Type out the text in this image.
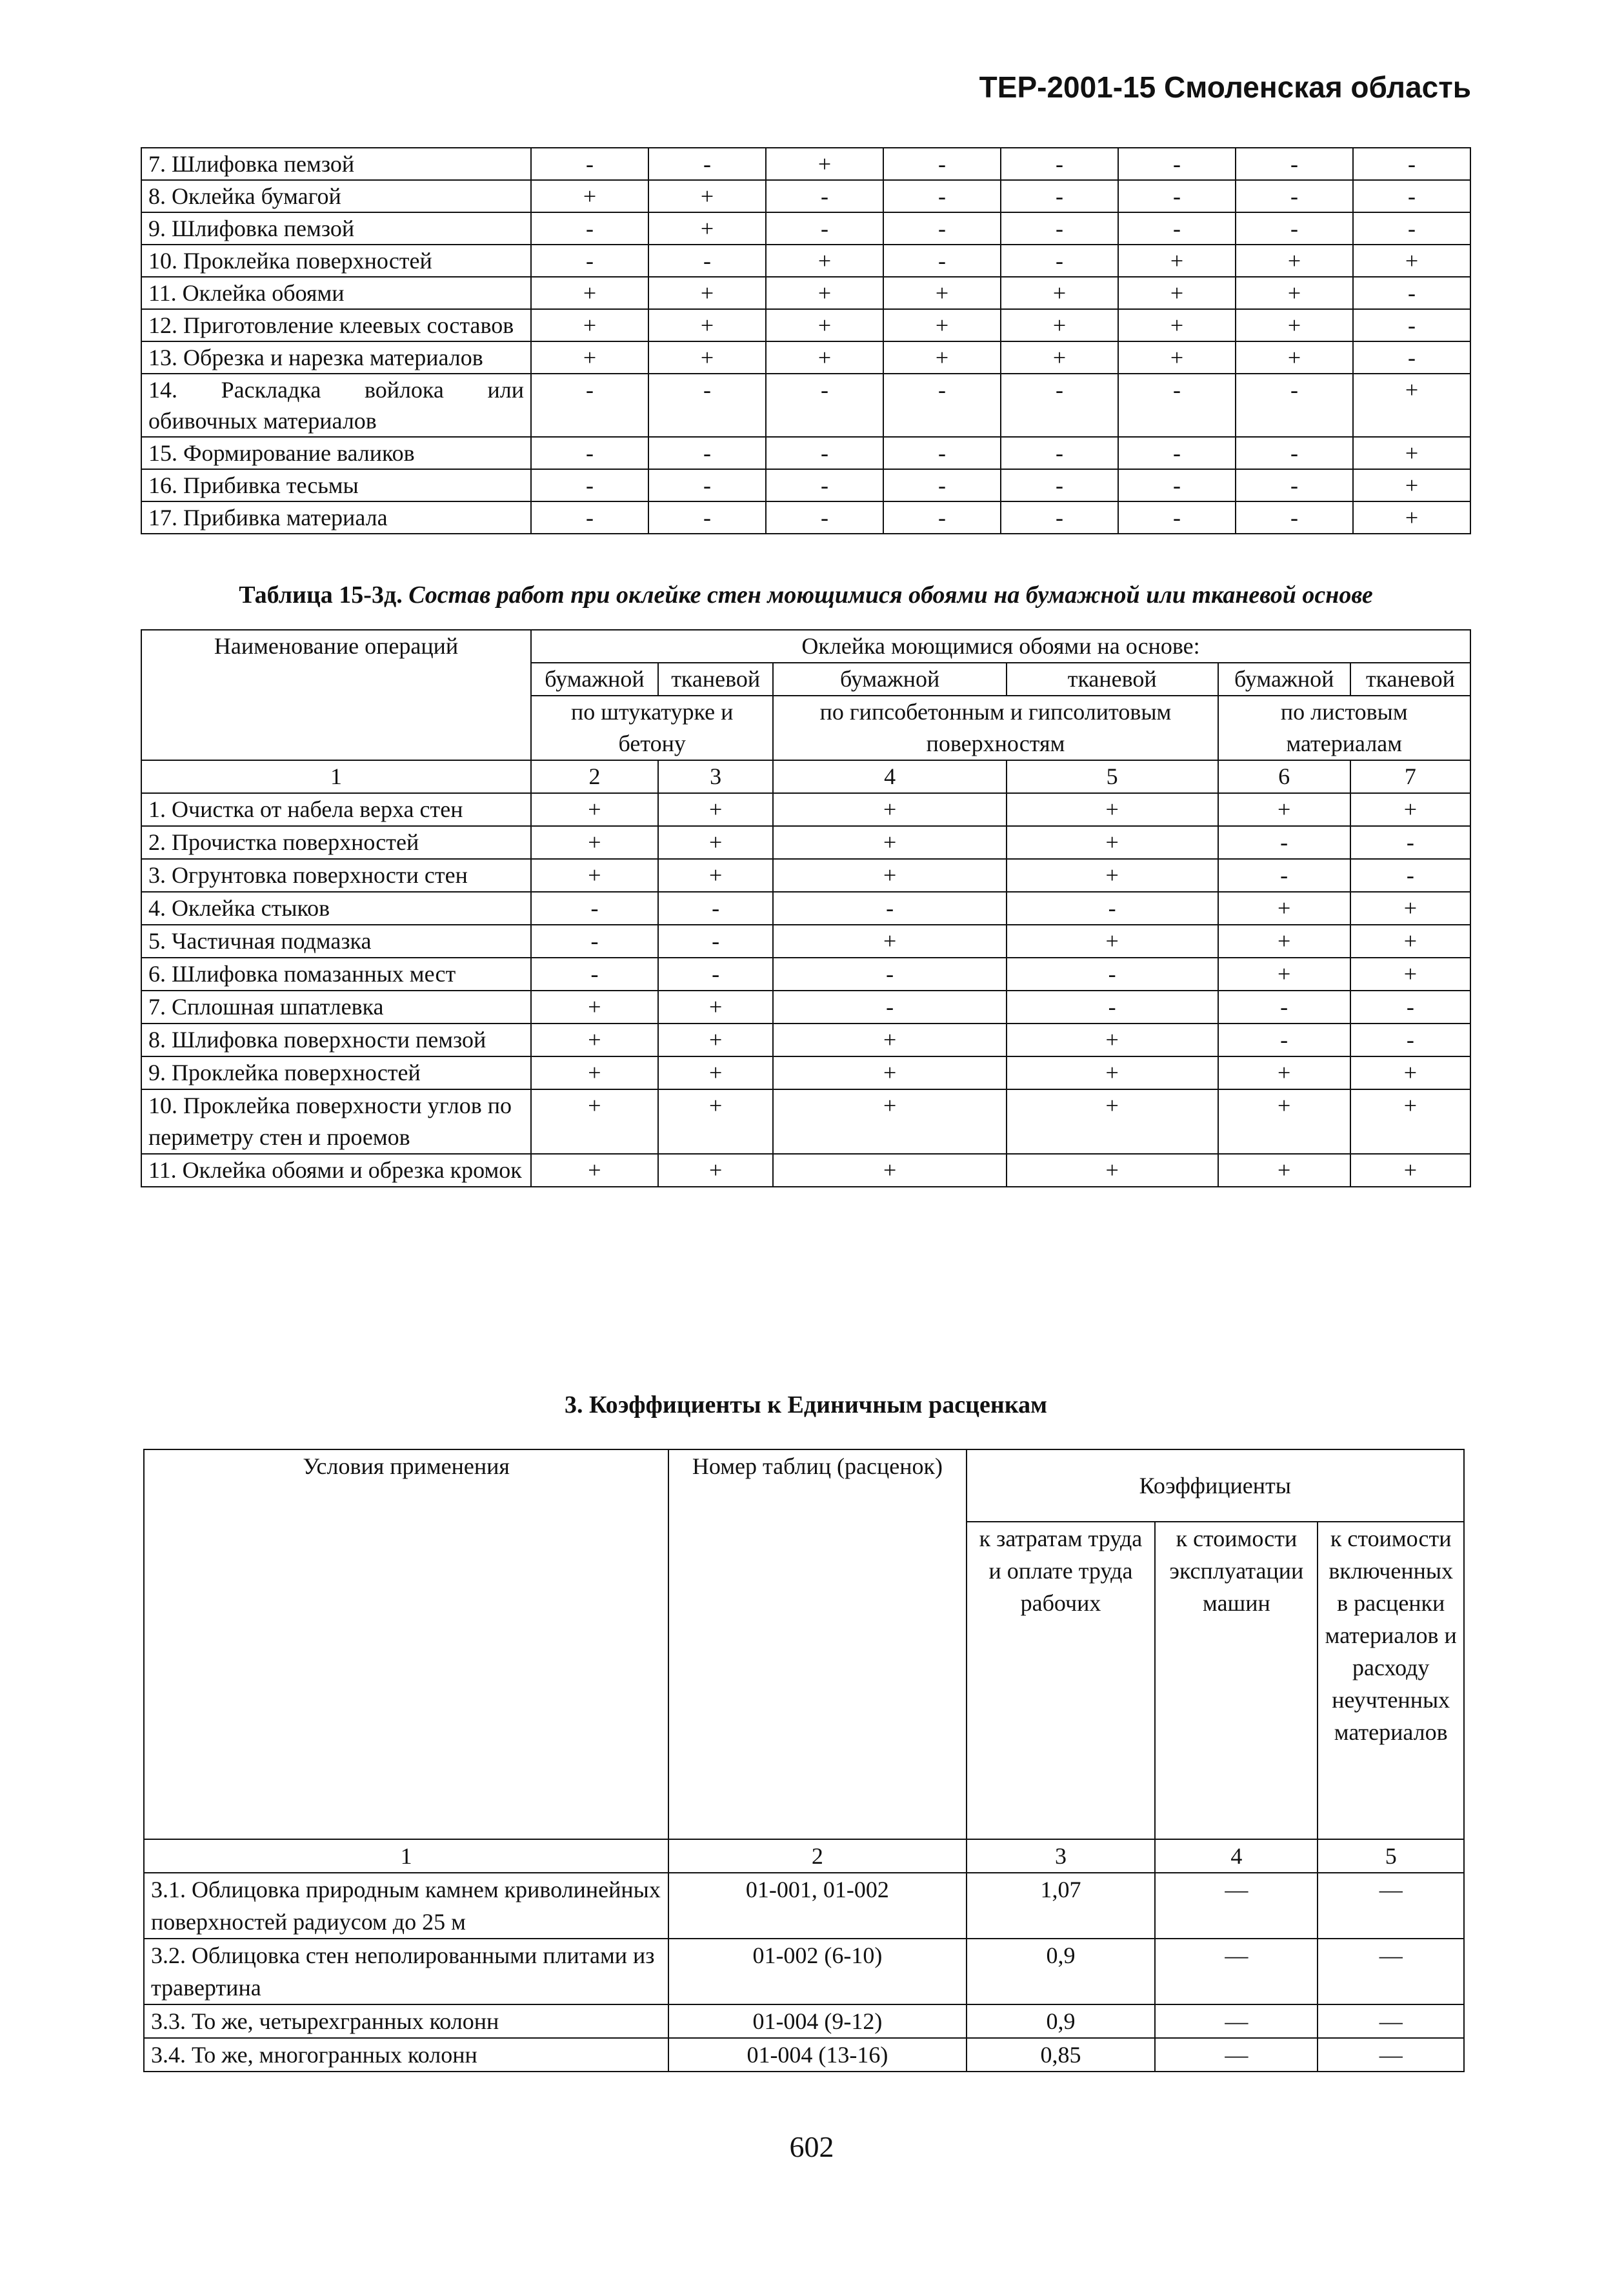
ТЕР-2001-15 Смоленская область
7. Шлифовка пемзой	-	-	+	-	-	-	-	-
8. Оклейка бумагой	+	+	-	-	-	-	-	-
9. Шлифовка пемзой	-	+	-	-	-	-	-	-
10. Проклейка поверхностей	-	-	+	-	-	+	+	+
11. Оклейка обоями	+	+	+	+	+	+	+	-
12. Приготовление клеевых составов	+	+	+	+	+	+	+	-
13. Обрезка и нарезка материалов	+	+	+	+	+	+	+	-
14. Раскладка войлока или обивочных материалов	-	-	-	-	-	-	-	+
15. Формирование валиков	-	-	-	-	-	-	-	+
16. Прибивка тесьмы	-	-	-	-	-	-	-	+
17. Прибивка материала	-	-	-	-	-	-	-	+
Таблица 15-3д. Состав работ при оклейке стен моющимися обоями на бумажной или тканевой основе
Наименование операций	Оклейка моющимися обоями на основе:					
	бумажной	тканевой	бумажной	тканевой	бумажной	тканевой
	по штукатурке и бетону		по гипсобетонным и гипсолитовым поверхностям		по листовым материалам	
1	2	3	4	5	6	7
1. Очистка от набела верха стен	+	+	+	+	+	+
2. Прочистка поверхностей	+	+	+	+	-	-
3. Огрунтовка поверхности стен	+	+	+	+	-	-
4. Оклейка стыков	-	-	-	-	+	+
5. Частичная подмазка	-	-	+	+	+	+
6. Шлифовка помазанных мест	-	-	-	-	+	+
7. Сплошная шпатлевка	+	+	-	-	-	-
8. Шлифовка поверхности пемзой	+	+	+	+	-	-
9. Проклейка поверхностей	+	+	+	+	+	+
10. Проклейка поверхности углов по периметру стен и проемов	+	+	+	+	+	+
11. Оклейка обоями и обрезка кромок	+	+	+	+	+	+
3. Коэффициенты к Единичным расценкам
Условия применения	Номер таблиц (расценок)	Коэффициенты		
		к затратам труда и оплате труда рабочих	к стоимости эксплуатации машин	к стоимости включенных в расценки материалов и расходу неучтенных материалов
1	2	3	4	5
3.1. Облицовка природным камнем криволинейных поверхностей радиусом до 25 м	01-001, 01-002	1,07	—	—
3.2. Облицовка стен неполированными плитами из травертина	01-002 (6-10)	0,9	—	—
3.3. То же, четырехгранных колонн	01-004 (9-12)	0,9	—	—
3.4. То же, многогранных колонн	01-004 (13-16)	0,85	—	—
602
